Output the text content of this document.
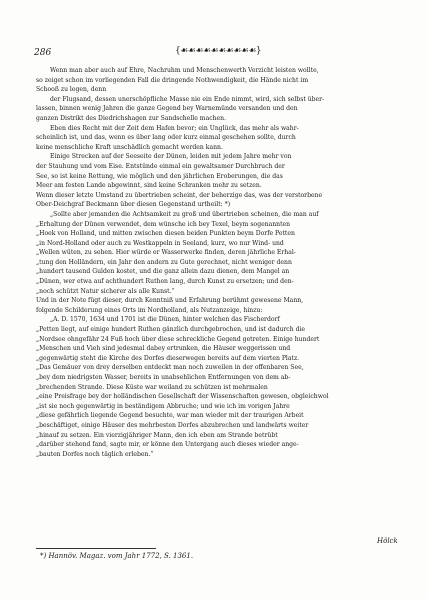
286	{☙☙☙☙☙☙☙☙☙☙}
Wenn man aber auch auf Ehre, Nachruhm und Menschenwerth Verzicht leisten wollte,
so zeiget schon im vorliegenden Fall die dringende Nothwendigkeit, die Hände nicht im
Schooß zu legen, denn
der Flugsand, dessen unerschöpfliche Masse nie ein Ende nimmt, wird, sich selbst über-
lassen, binnen wenig Jahren die ganze Gegend bey Warnemünde versanden und den
ganzen Distrikt des Diedrichshagen zur Sandschelle machen.
Eben dies Recht mit der Zeit dem Hafen bevor; ein Unglück, das mehr als wahr-
scheinlich ist, und das, wenn es über lang oder kurz einmal geschehen sollte, durch
keine menschliche Kraft unschädlich gemacht werden kann.
Einige Strecken auf der Seeseite der Dünen, leiden mit jedem Jahre mehr von
der Stauhung und vom Eise. Entstünde einmal ein gewaltsamer Durchbruch der
See, so ist keine Rettung, wie möglich und den jährlichen Eroberungen, die das
Meer am festen Lande abgewinnt, sind keine Schranken mehr zu setzen.
Wenn dieser letzte Umstand zu übertrieben scheint, der beherzige das, was der verstorbene
Ober-Deichgraf Beckmann über diesen Gegenstand urtheilt: *)
„Sollte aber jemanden die Achtsamkeit zu groß und übertrieben scheinen, die man auf
„Erhaltung der Dünen verwendet, dem wünsche ich bey Texel, beym sogenannten
„Hoek von Holland, und mitten zwischen diesen beiden Punkten beym Dorfe Petten
„in Nord-Holland oder auch zu Westkappeln in Seeland, kurz, wo nur Wind- und
„Wellen wüten, zu sehen. Hier würde er Wasserwerke finden, deren jährliche Erhal-
„tung den Holländern, ein Jahr den andern zu Gute gerechnet, nicht weniger denn
„hundert tausend Gulden kostet, und die ganz allein dazu dienen, dem Mangel an
„Dünen, wer etwa auf achthundert Ruthen lang, durch Kunst zu ersetzen; und den-
„noch schützt Natur sicherer als alle Kunst.“
Und in der Note fügt dieser, durch Kenntniß und Erfahrung berühmt gewesene Mann,
folgende Schilderung eines Orts im Nordholland, als Nutzanzeige, hinzu:
„A. D. 1570, 1634 und 1701 ist die Dünen, hinter welchen das Fischerdorf
„Petten liegt, auf einige hundert Ruthen gänzlich durchgebrochen, und ist dadurch die
„Nordsee ohngefähr 24 Fuß hoch über diese schreckliche Gegend getreten. Einige hundert
„Menschen und Vieh sind jedesmal dabey ertrunken, die Häuser weggerissen und
„gegenwärtig steht die Kirche des Dorfes dieserwegen bereits auf dem vierten Platz.
„Das Gemäuer von drey derselben entdeckt man noch zuweilen in der offenbaren See,
„bey dem niedrigsten Wasser, bereits in unabsehlichen Entfernungen von dem ab-
„brechenden Strande. Diese Küste war weiland zu schützen ist mehrmalen
„eine Preisfrage bey der holländischen Gesellschaft der Wissenschaften gewesen, obgleichwol
„ist sie noch gegenwärtig in beständigem Abbruche; und wie ich im vorigen Jahre
„diese gefährlich liegende Gegend besuchte, war man wieder mit der traurigen Arbeit
„beschäftiget, einige Häuser des mehrbesten Dorfes abzubrechen und landwärts weiter
„hinauf zu setzen. Ein vierzigjähriger Mann, den ich eben am Strande betrübt
„darüber stehend fand, sagte mir, er könne den Untergang auch dieses wieder ange-
„bauten Dorfes noch täglich erleben.“
Hölck
*) Hannöv. Magaz. vom Jahr 1772, S. 1361.
